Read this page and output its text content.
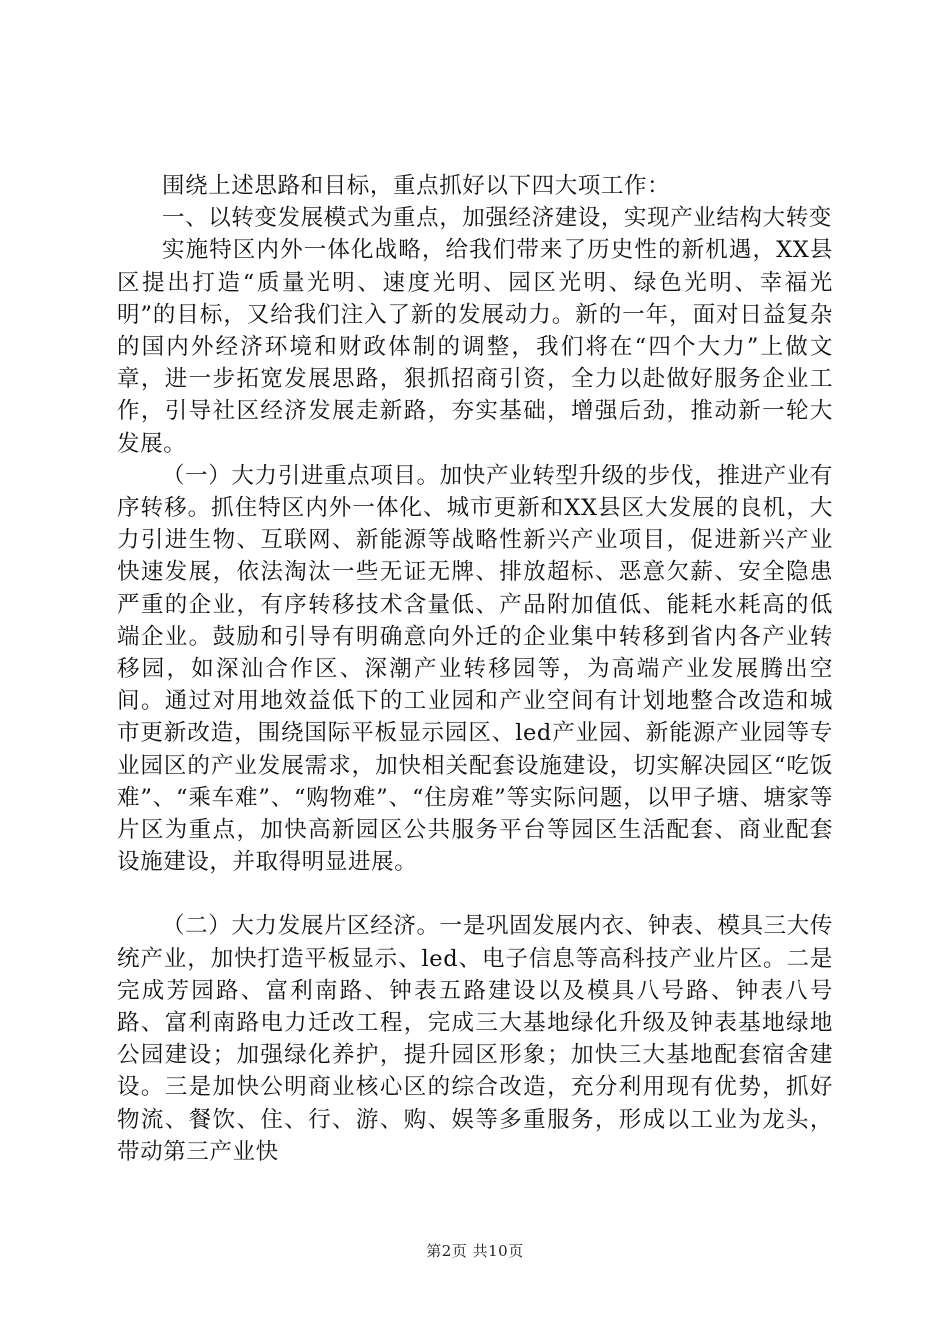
围绕上述思路和目标，重点抓好以下四大项工作：

一、以转变发展模式为重点，加强经济建设，实现产业结构大转变

实施特区内外一体化战略，给我们带来了历史性的新机遇，XX县区提出打造“质量光明、速度光明、园区光明、绿色光明、幸福光明”的目标，又给我们注入了新的发展动力。新的一年，面对日益复杂的国内外经济环境和财政体制的调整，我们将在“四个大力”上做文章，进一步拓宽发展思路，狠抓招商引资，全力以赴做好服务企业工作，引导社区经济发展走新路，夯实基础，增强后劲，推动新一轮大发展。

（一）大力引进重点项目。加快产业转型升级的步伐，推进产业有序转移。抓住特区内外一体化、城市更新和XX县区大发展的良机，大力引进生物、互联网、新能源等战略性新兴产业项目，促进新兴产业快速发展，依法淘汰一些无证无牌、排放超标、恶意欠薪、安全隐患严重的企业，有序转移技术含量低、产品附加值低、能耗水耗高的低端企业。鼓励和引导有明确意向外迁的企业集中转移到省内各产业转移园，如深汕合作区、深潮产业转移园等，为高端产业发展腾出空间。通过对用地效益低下的工业园和产业空间有计划地整合改造和城市更新改造，围绕国际平板显示园区、led产业园、新能源产业园等专业园区的产业发展需求，加快相关配套设施建设，切实解决园区“吃饭难”、“乘车难”、“购物难”、“住房难”等实际问题，以甲子塘、塘家等片区为重点，加快高新园区公共服务平台等园区生活配套、商业配套设施建设，并取得明显进展。

（二）大力发展片区经济。一是巩固发展内衣、钟表、模具三大传统产业，加快打造平板显示、led、电子信息等高科技产业片区。二是完成芳园路、富利南路、钟表五路建设以及模具八号路、钟表八号路、富利南路电力迁改工程，完成三大基地绿化升级及钟表基地绿地公园建设；加强绿化养护，提升园区形象；加快三大基地配套宿舍建设。三是加快公明商业核心区的综合改造，充分利用现有优势，抓好物流、餐饮、住、行、游、购、娱等多重服务，形成以工业为龙头，带动第三产业快

第2页 共10页
